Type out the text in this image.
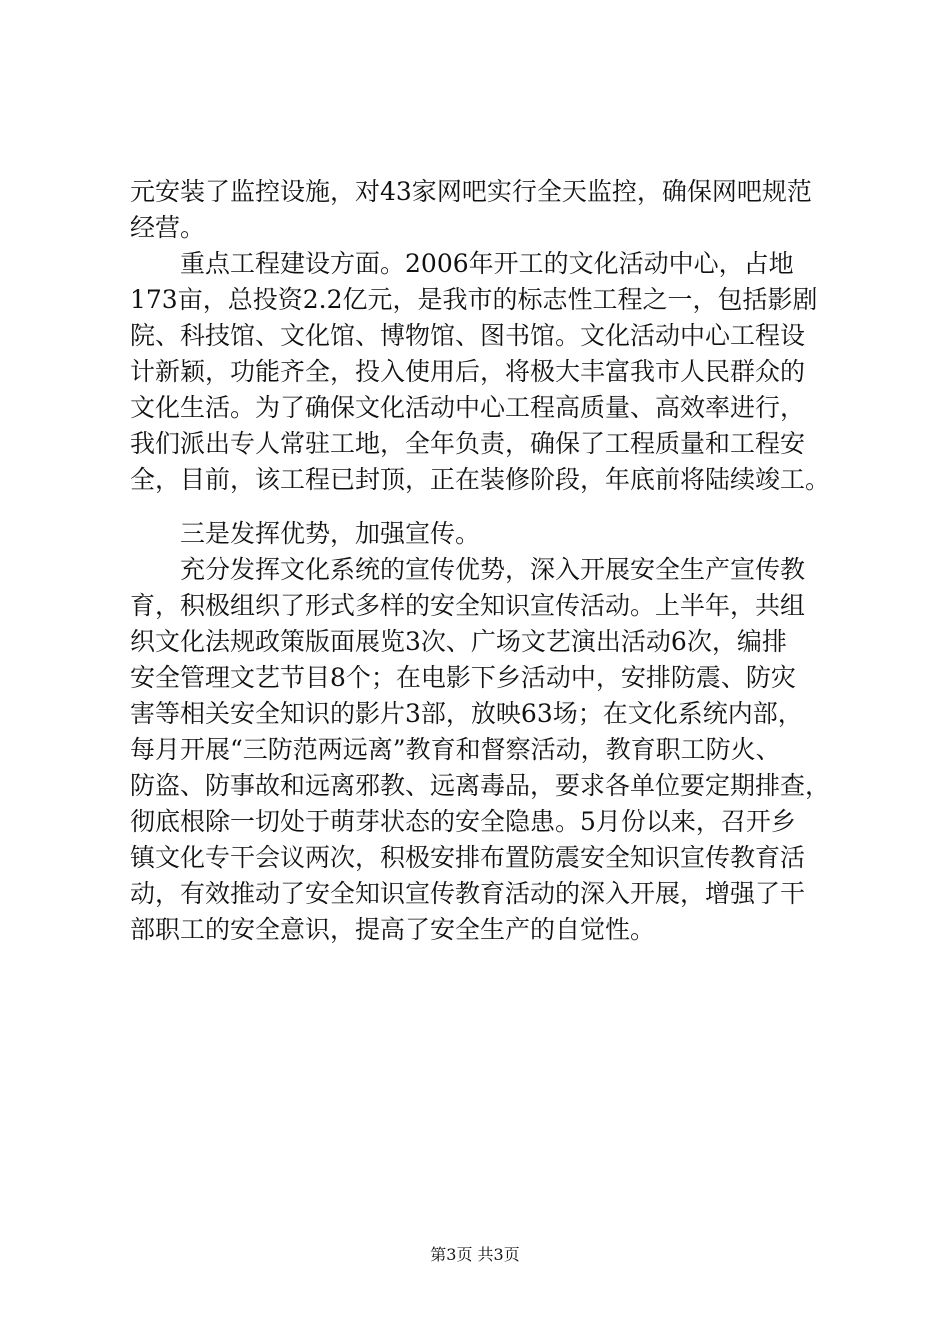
元安装了监控设施，对43家网吧实行全天监控，确保网吧规范
经营。
　　重点工程建设方面。2006年开工的文化活动中心，占地
173亩，总投资2.2亿元，是我市的标志性工程之一，包括影剧
院、科技馆、文化馆、博物馆、图书馆。文化活动中心工程设
计新颖，功能齐全，投入使用后，将极大丰富我市人民群众的
文化生活。为了确保文化活动中心工程高质量、高效率进行，
我们派出专人常驻工地，全年负责，确保了工程质量和工程安
全，目前，该工程已封顶，正在装修阶段，年底前将陆续竣工。
　　三是发挥优势，加强宣传。
　　充分发挥文化系统的宣传优势，深入开展安全生产宣传教
育，积极组织了形式多样的安全知识宣传活动。上半年，共组
织文化法规政策版面展览3次、广场文艺演出活动6次，编排
安全管理文艺节目8个；在电影下乡活动中，安排防震、防灾
害等相关安全知识的影片3部，放映63场；在文化系统内部，
每月开展“三防范两远离”教育和督察活动，教育职工防火、
防盗、防事故和远离邪教、远离毒品，要求各单位要定期排查，
彻底根除一切处于萌芽状态的安全隐患。5月份以来，召开乡
镇文化专干会议两次，积极安排布置防震安全知识宣传教育活
动，有效推动了安全知识宣传教育活动的深入开展，增强了干
部职工的安全意识，提高了安全生产的自觉性。
第3页 共3页
